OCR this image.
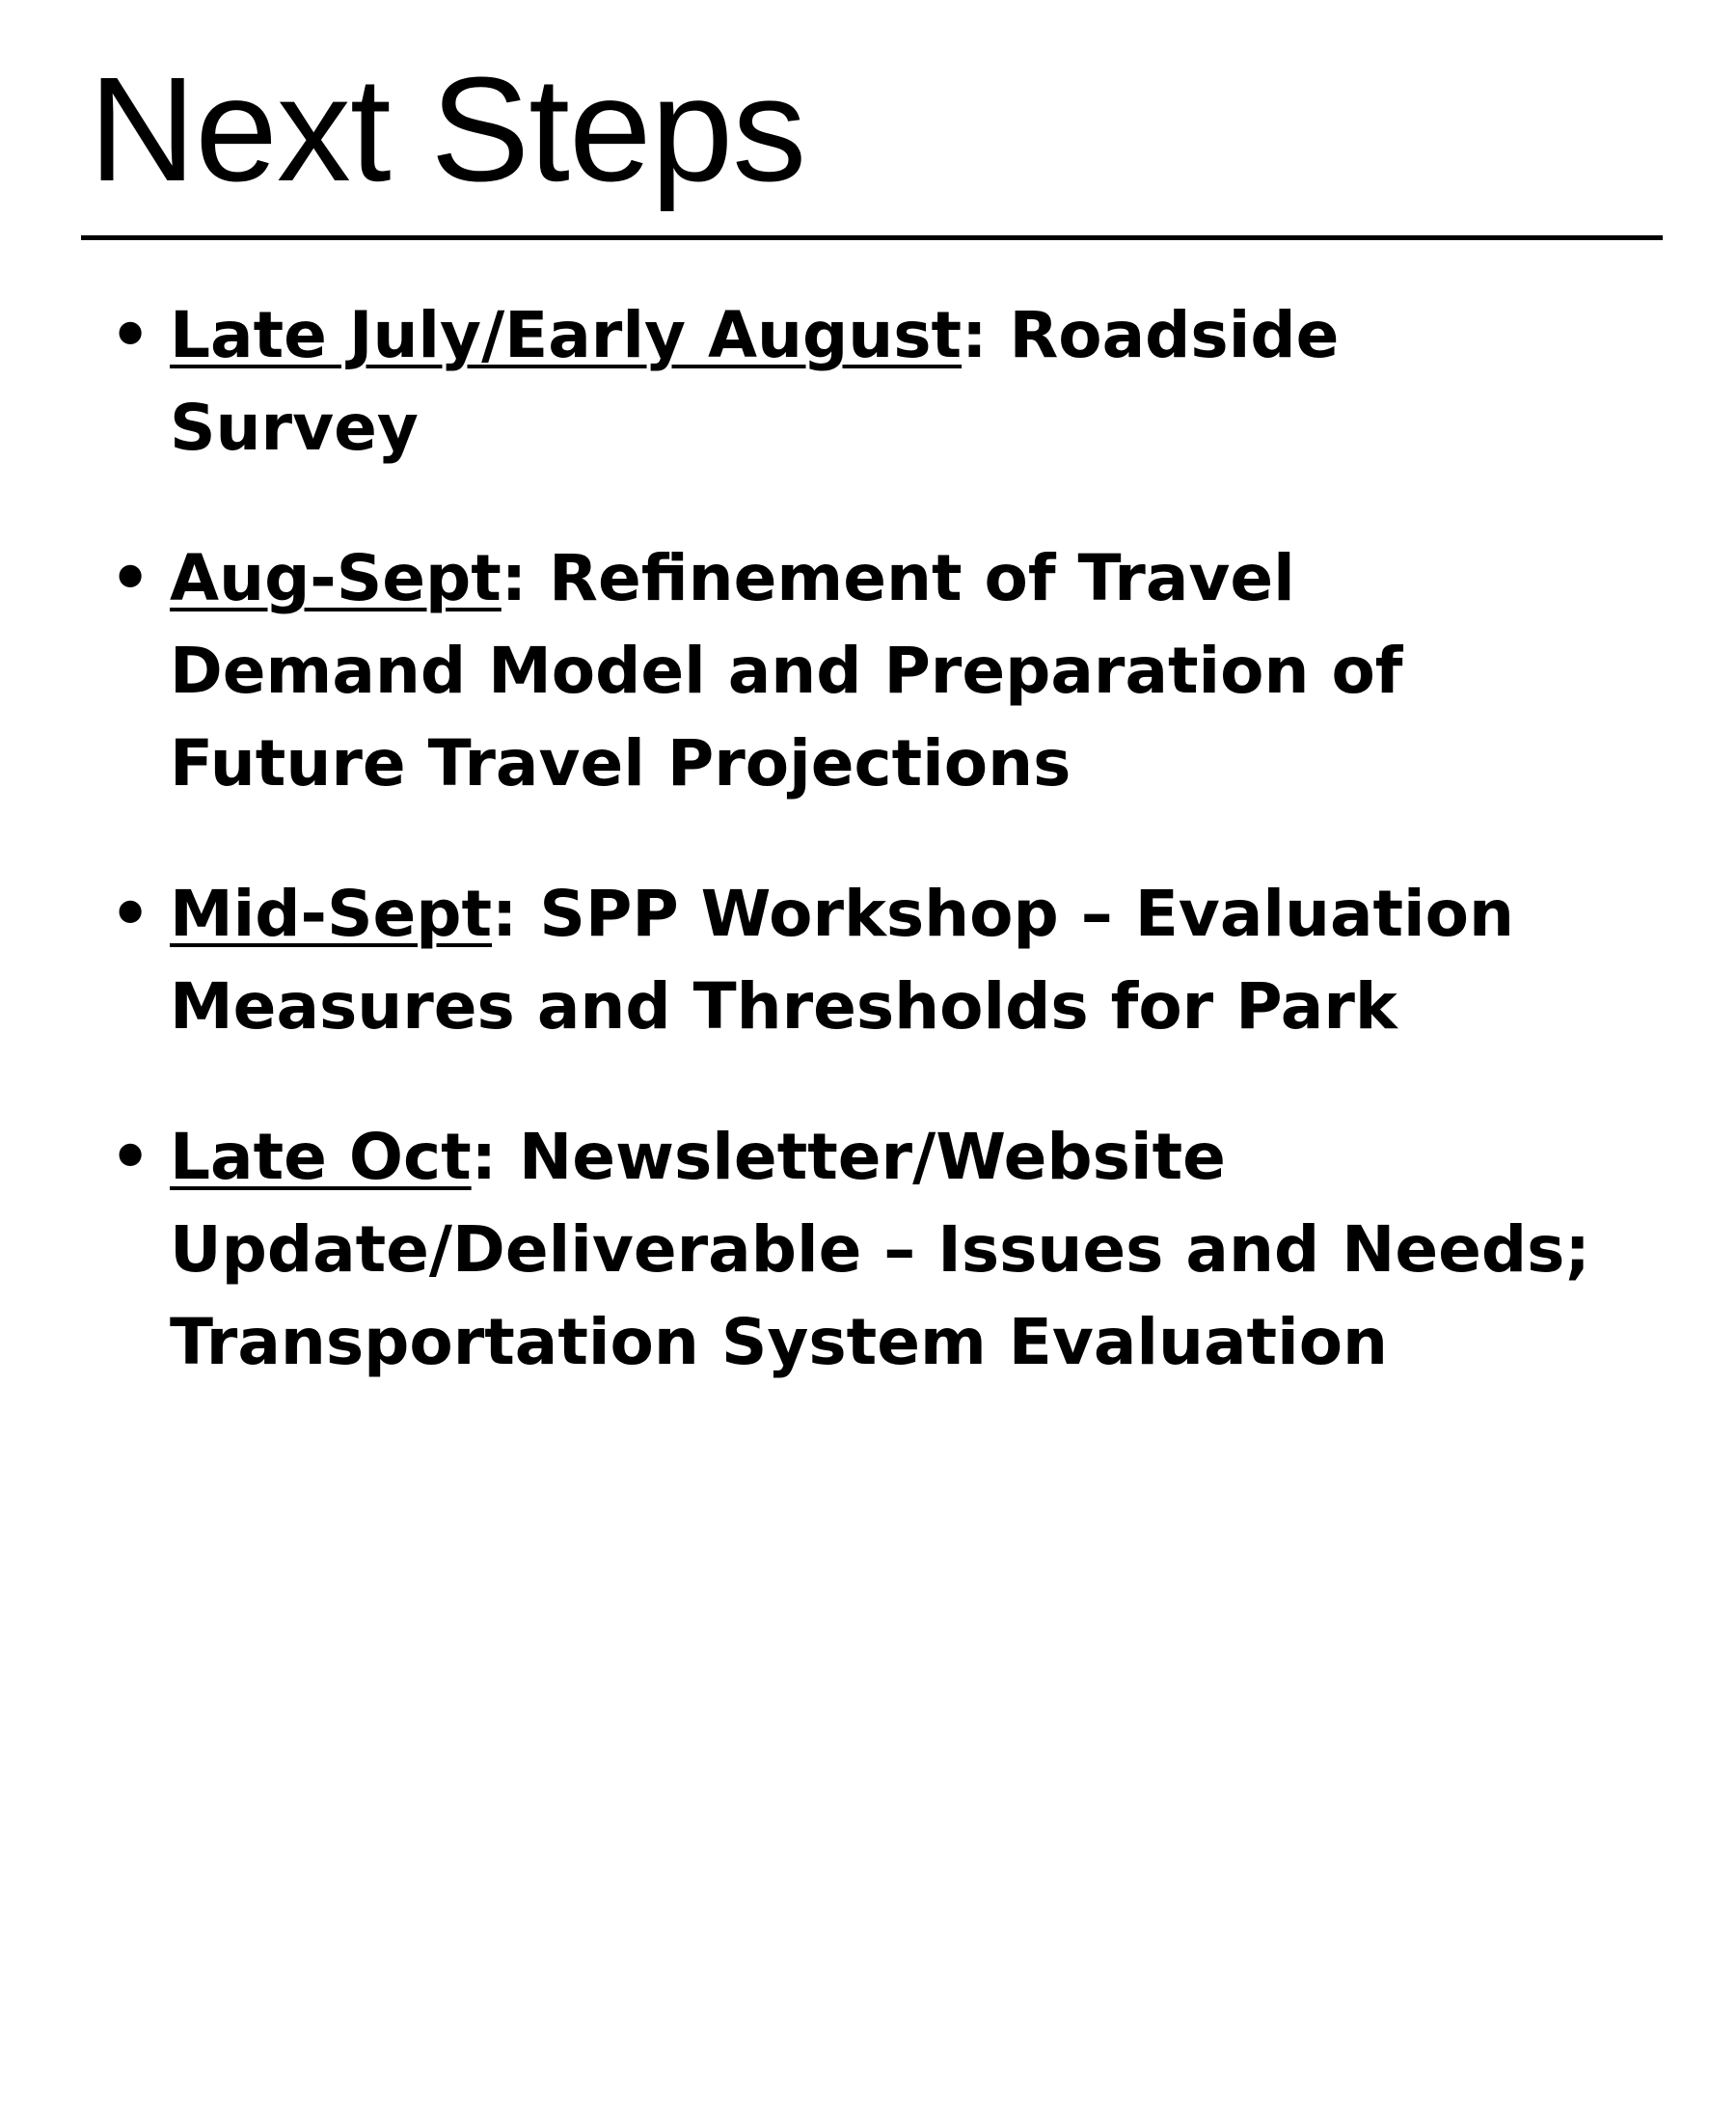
Next Steps
• Late July/Early August: Roadside Survey
• Aug-Sept: Refinement of Travel Demand Model and Preparation of Future Travel Projections
• Mid-Sept: SPP Workshop – Evaluation Measures and Thresholds for Park
• Late Oct: Newsletter/Website Update/Deliverable – Issues and Needs; Transportation System Evaluation
